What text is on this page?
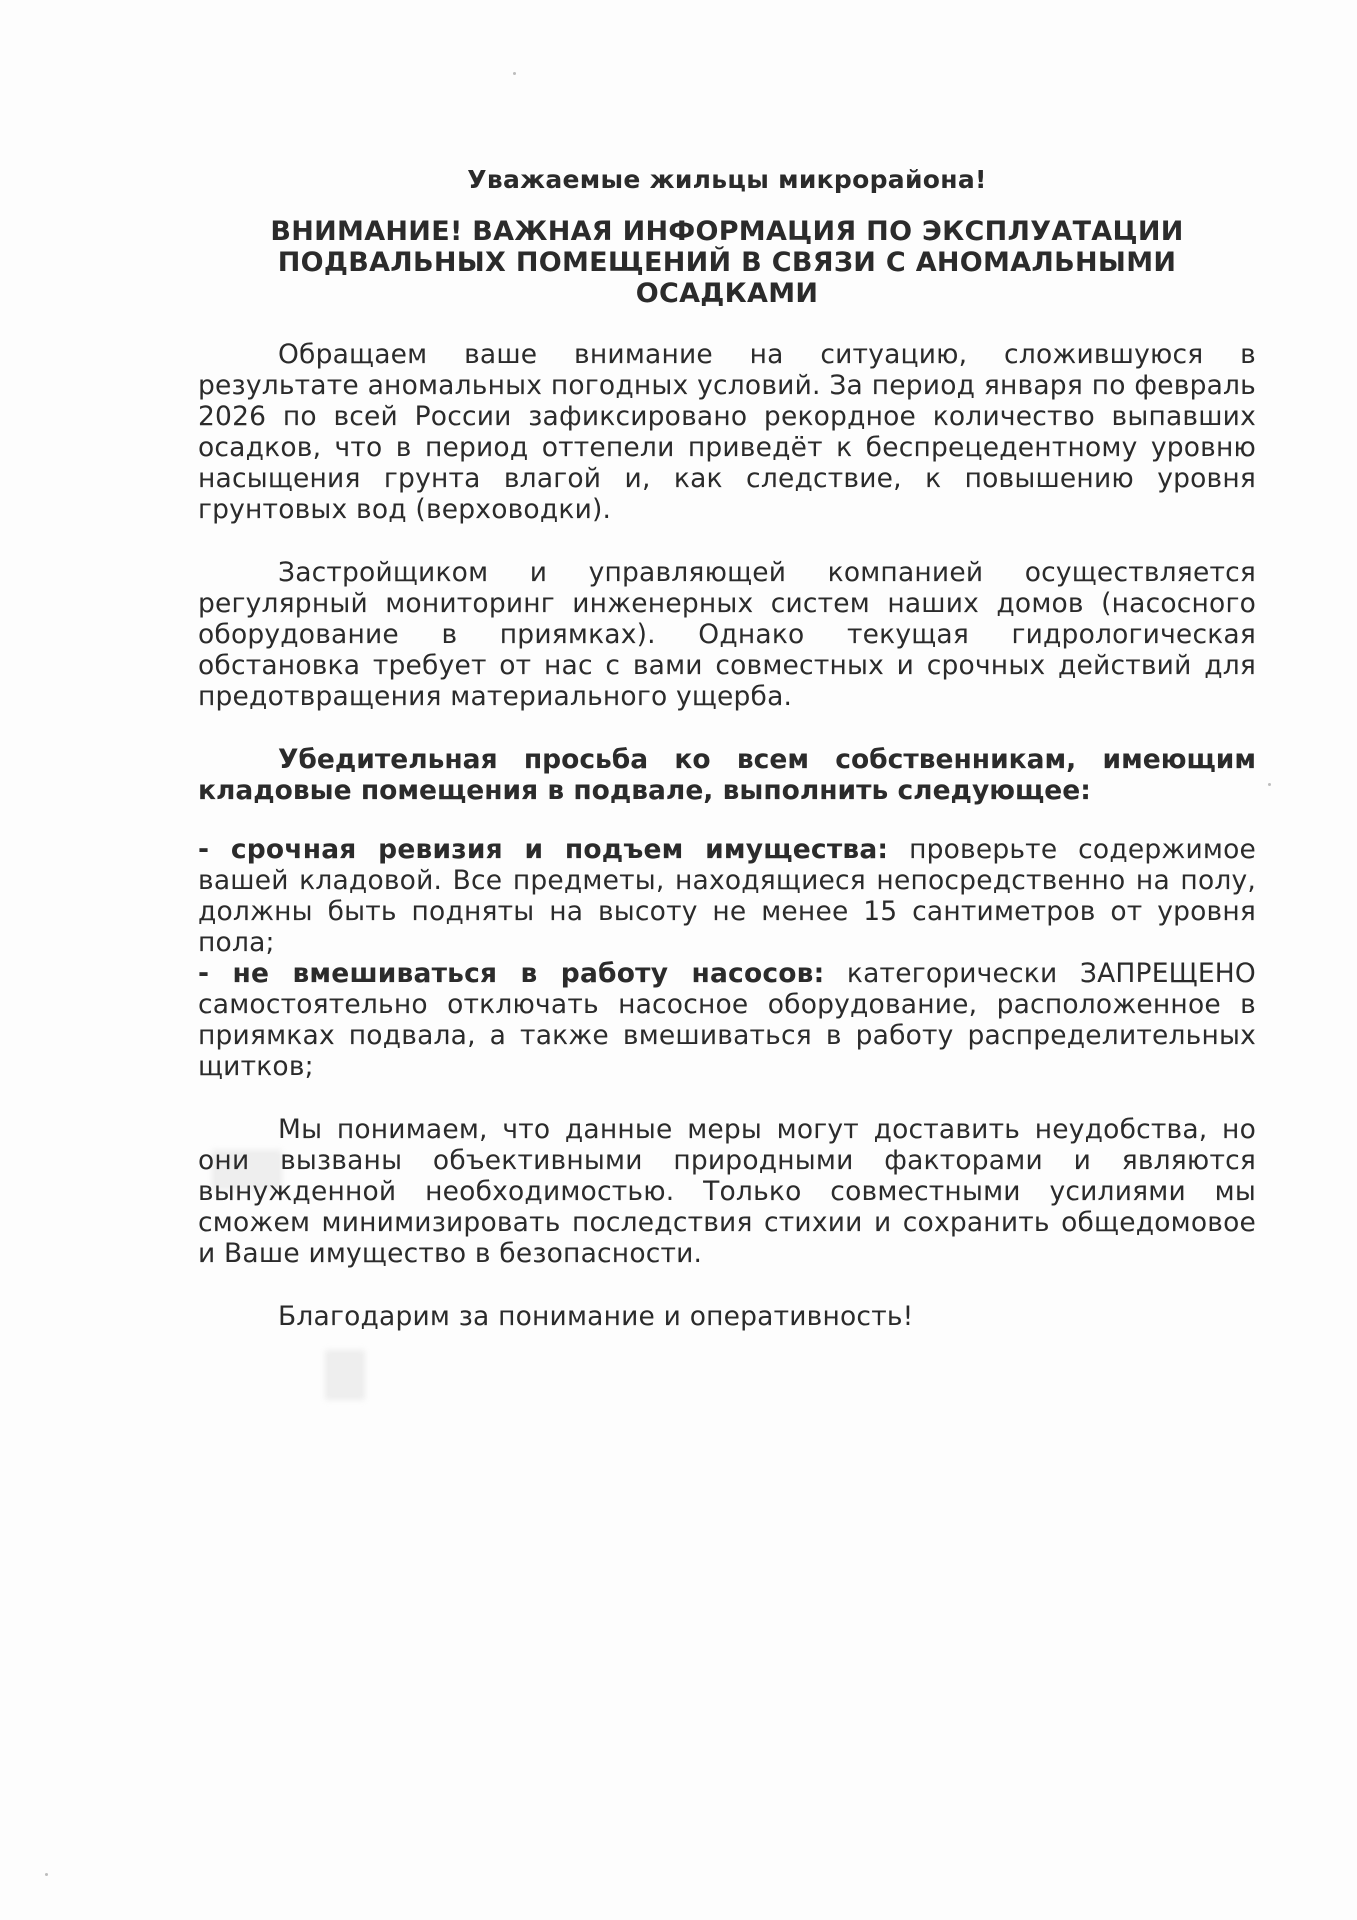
Уважаемые жильцы микрорайона!
ВНИМАНИЕ! ВАЖНАЯ ИНФОРМАЦИЯ ПО ЭКСПЛУАТАЦИИ ПОДВАЛЬНЫХ ПОМЕЩЕНИЙ В СВЯЗИ С АНОМАЛЬНЫМИ ОСАДКАМИ

Обращаем ваше внимание на ситуацию, сложившуюся в результате аномальных погодных условий. За период января по февраль 2026 по всей России зафиксировано рекордное количество выпавших осадков, что в период оттепели приведёт к беспрецедентному уровню насыщения грунта влагой и, как следствие, к повышению уровня грунтовых вод (верховодки).

Застройщиком и управляющей компанией осуществляется регулярный мониторинг инженерных систем наших домов (насосного оборудование в приямках). Однако текущая гидрологическая обстановка требует от нас с вами совместных и срочных действий для предотвращения материального ущерба.

Убедительная просьба ко всем собственникам, имеющим кладовые помещения в подвале, выполнить следующее:

- срочная ревизия и подъем имущества: проверьте содержимое вашей кладовой. Все предметы, находящиеся непосредственно на полу, должны быть подняты на высоту не менее 15 сантиметров от уровня пола;

- не вмешиваться в работу насосов: категорически ЗАПРЕЩЕНО самостоятельно отключать насосное оборудование, расположенное в приямках подвала, а также вмешиваться в работу распределительных щитков;

Мы понимаем, что данные меры могут доставить неудобства, но они вызваны объективными природными факторами и являются вынужденной необходимостью. Только совместными усилиями мы сможем минимизировать последствия стихии и сохранить общедомовое и Ваше имущество в безопасности.

Благодарим за понимание и оперативность!
